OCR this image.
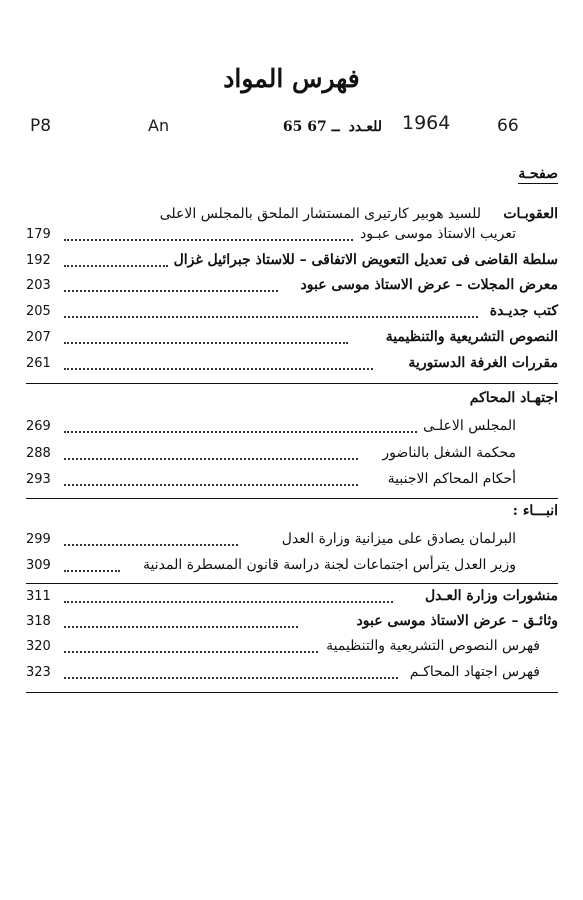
فهرس المواد
P8	An	1964	66
للعـدد 65 ــ 67
صفحـة
العقوبـات
للسيد هوبير كارتيرى المستشار الملحق بالمجلس الاعلى
179	تعريب الاستاذ موسى عبـود
192	سلطة القاضى فى تعديل التعويض الاتفاقى – للاستاذ جبرائيل غزال
203	معرض المجلات – عرض الاستاذ موسى عبود
205	كتب جديـدة
207	النصوص التشريعية والتنظيمية
261	مقررات الغرفة الدستورية
اجتهـاد المحاكم
269	المجلس الاعلـى
288	محكمة الشغل بالناضور
293	أحكام المحاكم الاجنبية
انبـــاء :
299	البرلمان يصادق على ميزانية وزارة العدل
309	وزير العدل يترأس اجتماعات لجنة دراسة قانون المسطرة المدنية
311	منشورات وزارة العـدل
318	وثائـق – عرض الاستاذ موسى عبود
320	فهرس النصوص التشريعية والتنظيمية
323	فهرس اجتهاد المحاكـم
